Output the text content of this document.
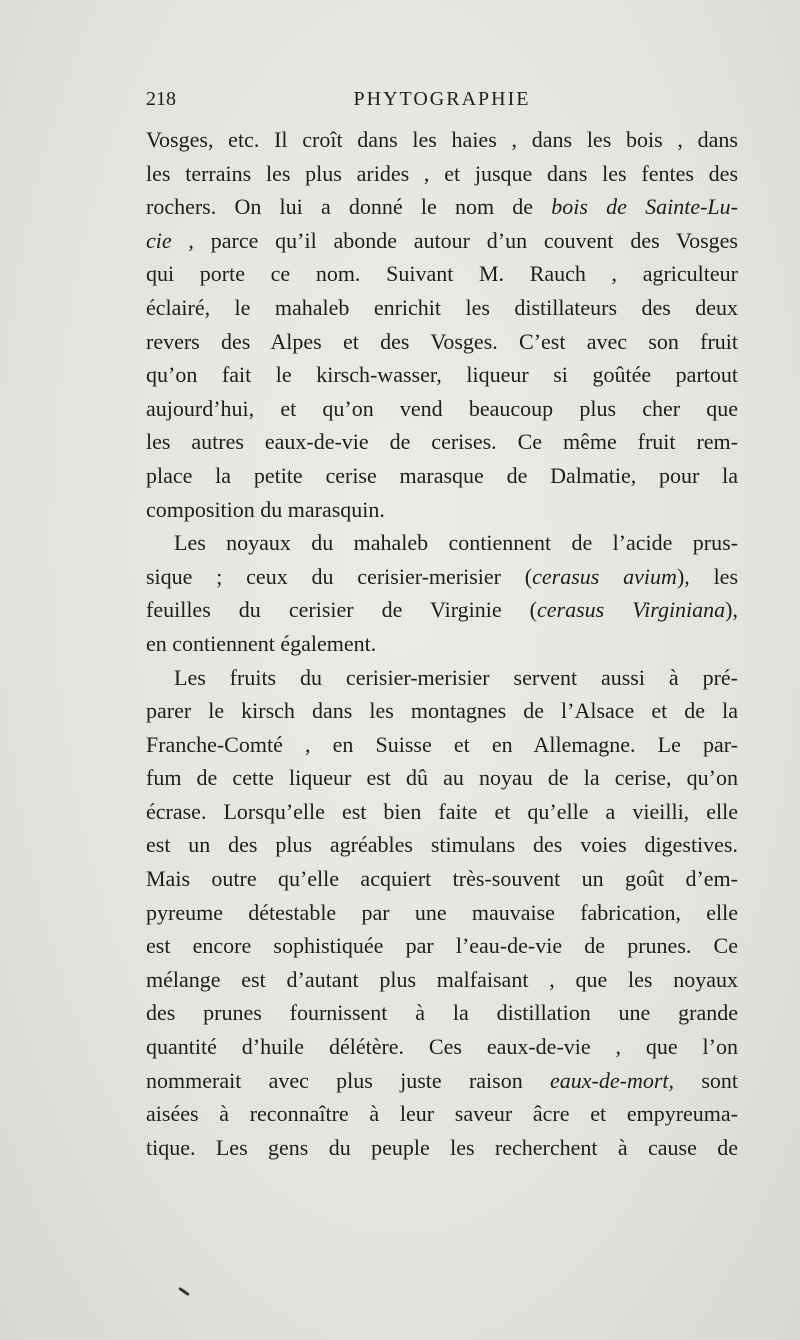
218	PHYTOGRAPHIE
Vosges, etc. Il croît dans les haies , dans les bois , dans
les terrains les plus arides , et jusque dans les fentes des
rochers. On lui a donné le nom de bois de Sainte-Lu-
cie , parce qu’il abonde autour d’un couvent des Vosges
qui porte ce nom. Suivant M. Rauch , agriculteur
éclairé, le mahaleb enrichit les distillateurs des deux
revers des Alpes et des Vosges. C’est avec son fruit
qu’on fait le kirsch-wasser, liqueur si goûtée partout
aujourd’hui, et qu’on vend beaucoup plus cher que
les autres eaux-de-vie de cerises. Ce même fruit rem-
place la petite cerise marasque de Dalmatie, pour la
composition du marasquin.
Les noyaux du mahaleb contiennent de l’acide prus-
sique ; ceux du cerisier-merisier (cerasus avium), les
feuilles du cerisier de Virginie (cerasus Virginiana),
en contiennent également.
Les fruits du cerisier-merisier servent aussi à pré-
parer le kirsch dans les montagnes de l’Alsace et de la
Franche-Comté , en Suisse et en Allemagne. Le par-
fum de cette liqueur est dû au noyau de la cerise, qu’on
écrase. Lorsqu’elle est bien faite et qu’elle a vieilli, elle
est un des plus agréables stimulans des voies digestives.
Mais outre qu’elle acquiert très-souvent un goût d’em-
pyreume détestable par une mauvaise fabrication, elle
est encore sophistiquée par l’eau-de-vie de prunes. Ce
mélange est d’autant plus malfaisant , que les noyaux
des prunes fournissent à la distillation une grande
quantité d’huile délétère. Ces eaux-de-vie , que l’on
nommerait avec plus juste raison eaux-de-mort, sont
aisées à reconnaître à leur saveur âcre et empyreuma-
tique. Les gens du peuple les recherchent à cause de
